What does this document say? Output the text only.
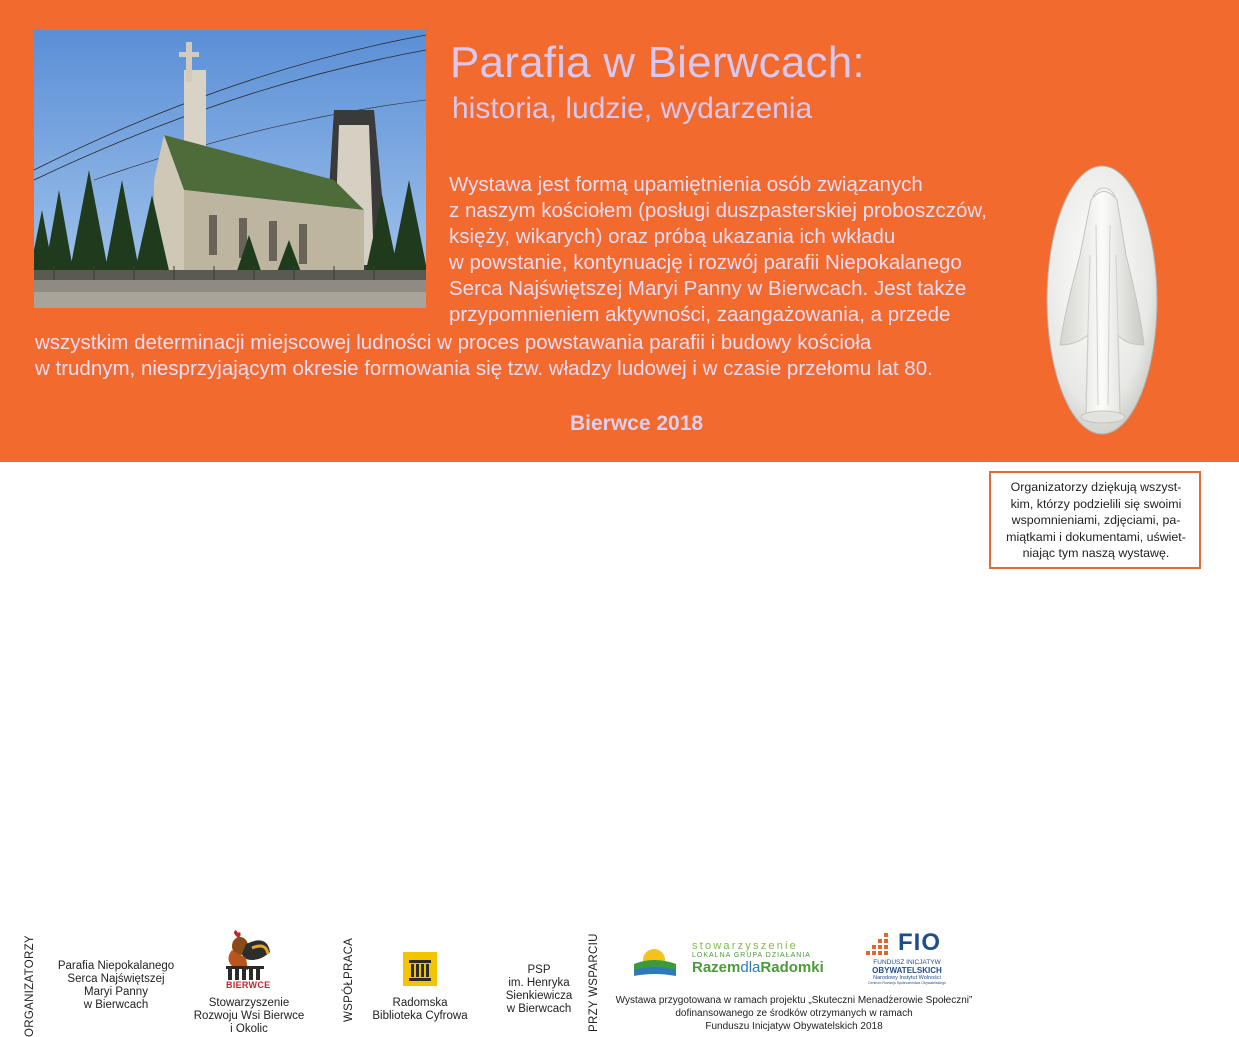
Parafia w Bierwcach:
historia, ludzie, wydarzenia
Wystawa jest formą upamiętnienia osób związanych
z naszym kościołem (posługi duszpasterskiej proboszczów,
księży, wikarych) oraz próbą ukazania ich wkładu
w powstanie, kontynuację i rozwój parafii Niepokalanego
Serca Najświętszej Maryi Panny w Bierwcach. Jest także
przypomnieniem aktywności, zaangażowania, a przede
wszystkim determinacji miejscowej ludności w proces powstawania parafii i budowy kościoła
w trudnym, niesprzyjającym okresie formowania się tzw. władzy ludowej i w czasie przełomu lat 80.
Bierwce 2018
ORGANIZATORZY	WSPÓŁPRACA	PRZY WSPARCIU
Parafia Niepokalanego
Serca Najświętszej
Maryi Panny
w Bierwcach
BIERWCE
Stowarzyszenie
Rozwoju Wsi Bierwce
i Okolic
Radomska
Biblioteka Cyfrowa
PSP
im. Henryka
Sienkiewicza
w Bierwcach
stowarzyszenie
LOKALNA GRUPA DZIAŁANIA
RazemdlaRadomki
FIO
FUNDUSZ INICJATYW
OBYWATELSKICH
Narodowy Instytut Wolności
Centrum Rozwoju Społeczeństwa Obywatelskiego
Wystawa przygotowana w ramach projektu „Skuteczni Menadżerowie Społeczni”
dofinansowanego ze środków otrzymanych w ramach
Funduszu Inicjatyw Obywatelskich 2018
Organizatorzy dziękują wszyst-
kim, którzy podzielili się swoimi
wspomnieniami, zdjęciami, pa-
miątkami i dokumentami, uświet-
niając tym naszą wystawę.
